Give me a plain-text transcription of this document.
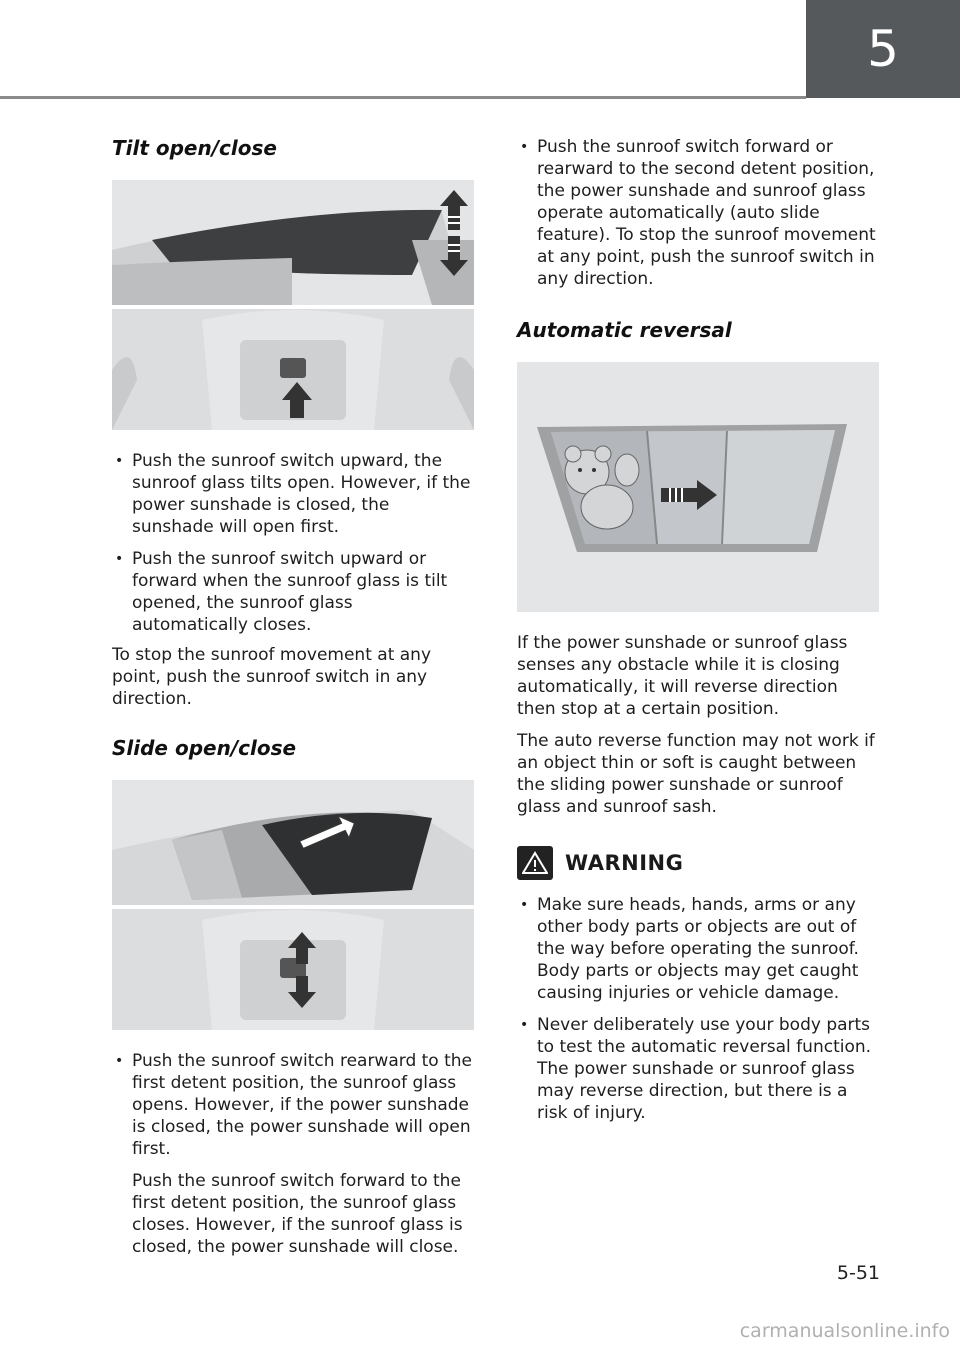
5
Tilt open/close
• Push the sunroof switch upward, the sunroof glass tilts open. However, if the power sunshade is closed, the sunshade will open first.
• Push the sunroof switch upward or forward when the sunroof glass is tilt opened, the sunroof glass automatically closes.

To stop the sunroof movement at any point, push the sunroof switch in any direction.

Slide open/close
• Push the sunroof switch rearward to the first detent position, the sunroof glass opens. However, if the power sunshade is closed, the power sunshade will open first.

Push the sunroof switch forward to the first detent position, the sunroof glass closes. However, if the sunroof glass is closed, the power sunshade will close.

• Push the sunroof switch forward or rearward to the second detent position, the power sunshade and sunroof glass operate automatically (auto slide feature). To stop the sunroof movement at any point, push the sunroof switch in any direction.
Automatic reversal

If the power sunshade or sunroof glass senses any obstacle while it is closing automatically, it will reverse direction then stop at a certain position.

The auto reverse function may not work if an object thin or soft is caught between the sliding power sunshade or sunroof glass and sunroof sash.

WARNING
• Make sure heads, hands, arms or any other body parts or objects are out of the way before operating the sunroof. Body parts or objects may get caught causing injuries or vehicle damage.
• Never deliberately use your body parts to test the automatic reversal function. The power sunshade or sunroof glass may reverse direction, but there is a risk of injury.
5-51
carmanualsonline.info
